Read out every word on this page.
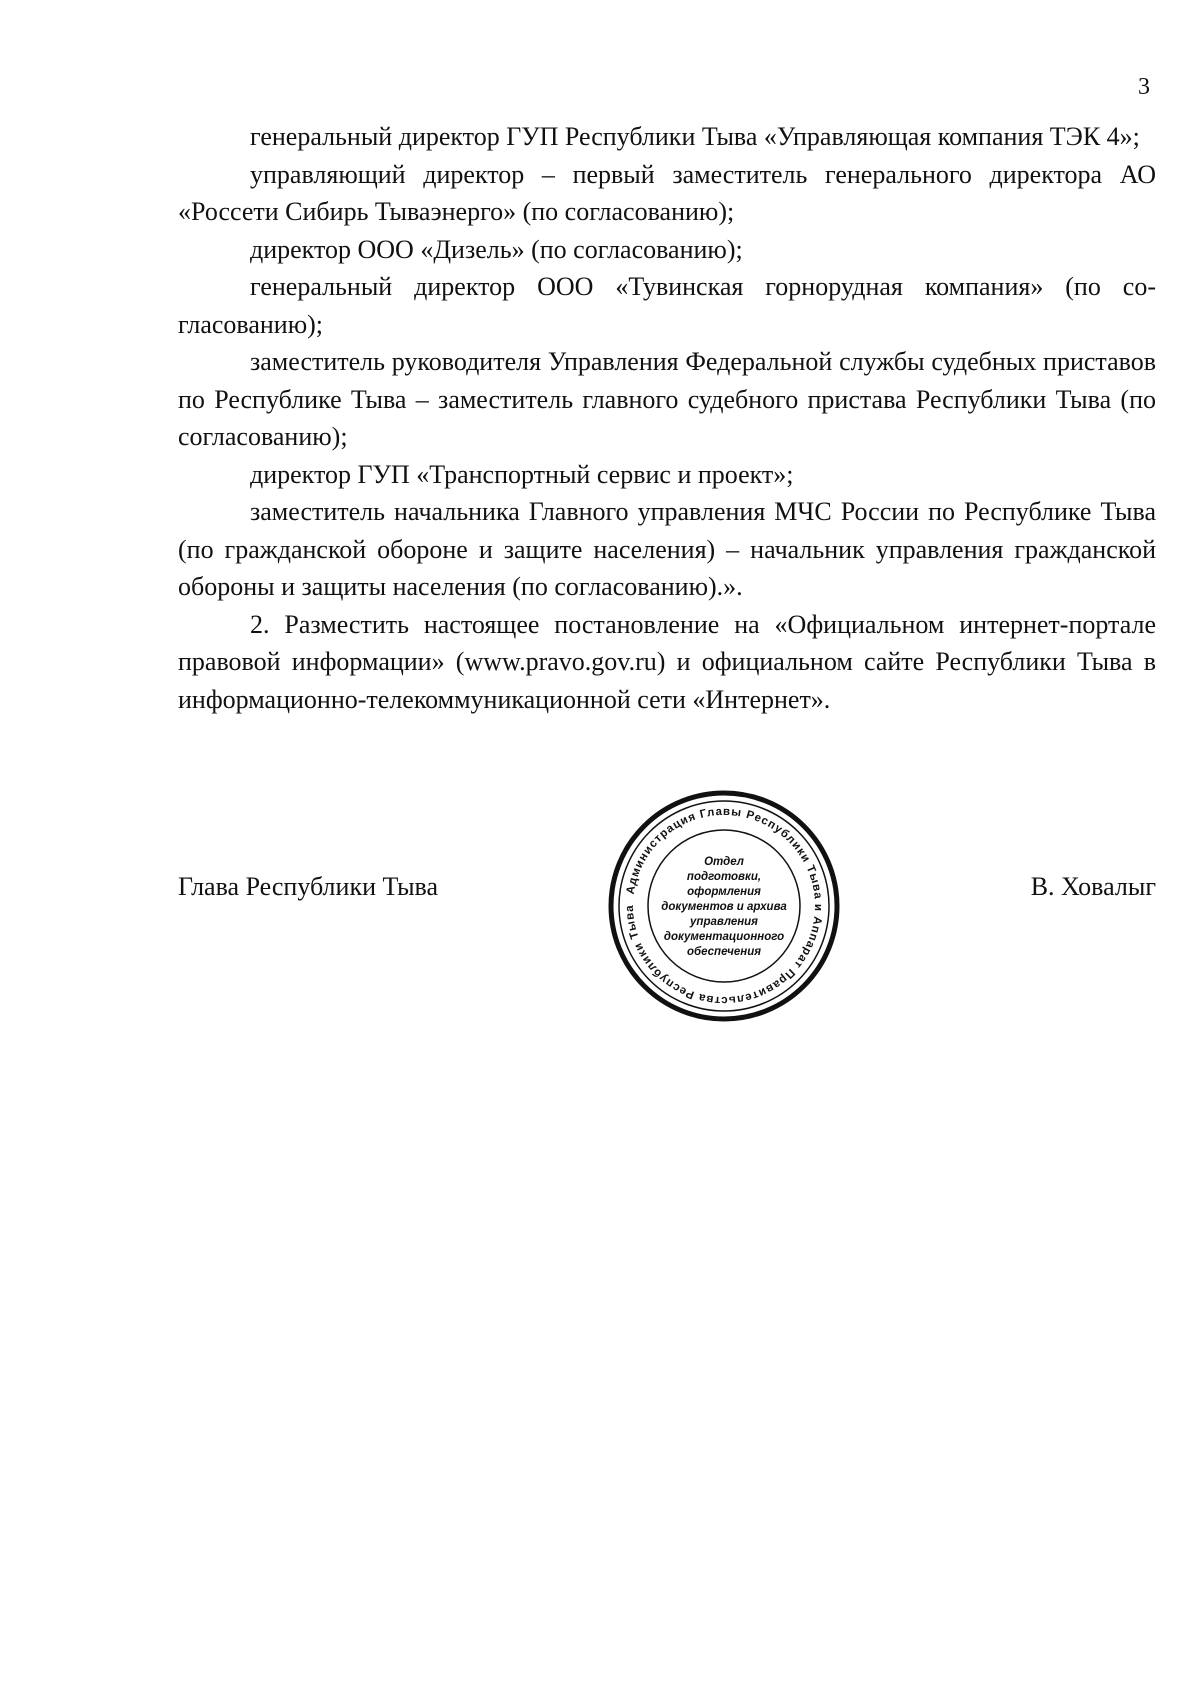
3

генеральный директор ГУП Республики Тыва «Управляющая компания ТЭК 4»;

управляющий директор – первый заместитель генерального директора АО «Россети Сибирь Тываэнерго» (по согласованию);

директор ООО «Дизель» (по согласованию);

генеральный директор ООО «Тувинская горнорудная компания» (по согласованию);

заместитель руководителя Управления Федеральной службы судебных приставов по Республике Тыва – заместитель главного судебного пристава Республики Тыва (по согласованию);

директор ГУП «Транспортный сервис и проект»;

заместитель начальника Главного управления МЧС России по Республике Тыва (по гражданской обороне и защите населения) – начальник управления гражданской обороны и защиты населения (по согласованию).».

2. Разместить настоящее постановление на «Официальном интернет-портале правовой информации» (www.pravo.gov.ru) и официальном сайте Республики Тыва в информационно-телекоммуникационной сети «Интернет».

Глава Республики Тыва	В. Ховалыг
Администрация Главы Республики Тыва и Аппарат Правительства Республики Тыва
Отдел
подготовки,
оформления
документов и архива
управления
документационного
обеспечения
